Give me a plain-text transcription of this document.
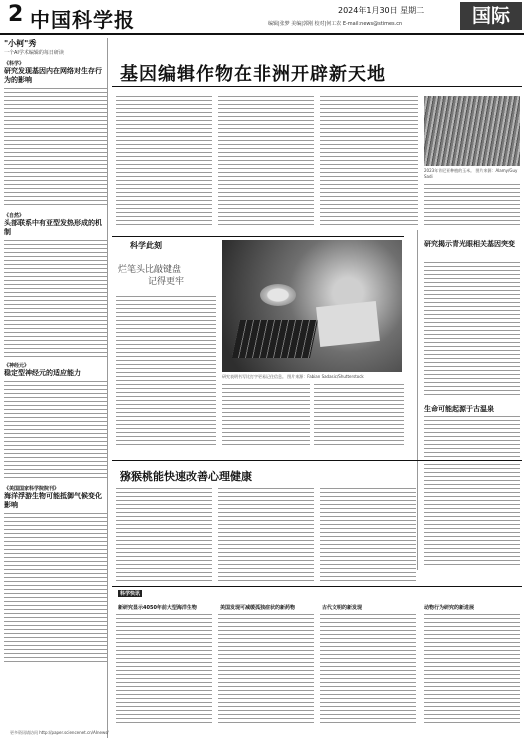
2 中国科学报	2024年1月30日 星期二	国际
编辑|张梦 美编|郭刚 校对|何工农 E-mail:news@stimes.cn
"小柯"秀
一个AI学术编辑的每日研读
《科学》
研究发现基因内在网络对生存行为的影响
《自然》
头部联系中有亚型发热形成的机制
《神经元》
稳定型神经元的适应能力
《美国国家科学院院刊》
海洋浮游生物可能抵御气候变化影响
更多资讯请访问 http://paper.sciencenet.cn/AInews/
基因编辑作物在非洲开辟新天地
2023年肯尼亚种植的玉米。 图片来源：Alamy/Guy Sadi
科学此刻
烂笔头比敲键盘
记得更牢
研究表明书写比打字更易记住信息。 图片来源：Fabian Sadasic/Shutterstock
研究揭示青光眼相关基因突变
生命可能起源于古温泉
猕猴桃能快速改善心理健康
科学快讯
新研究显示4050年前大型海洋生物	美国发现可减缓孤独症状的新药物	古代文明的新发现	动物行为研究的新进展
